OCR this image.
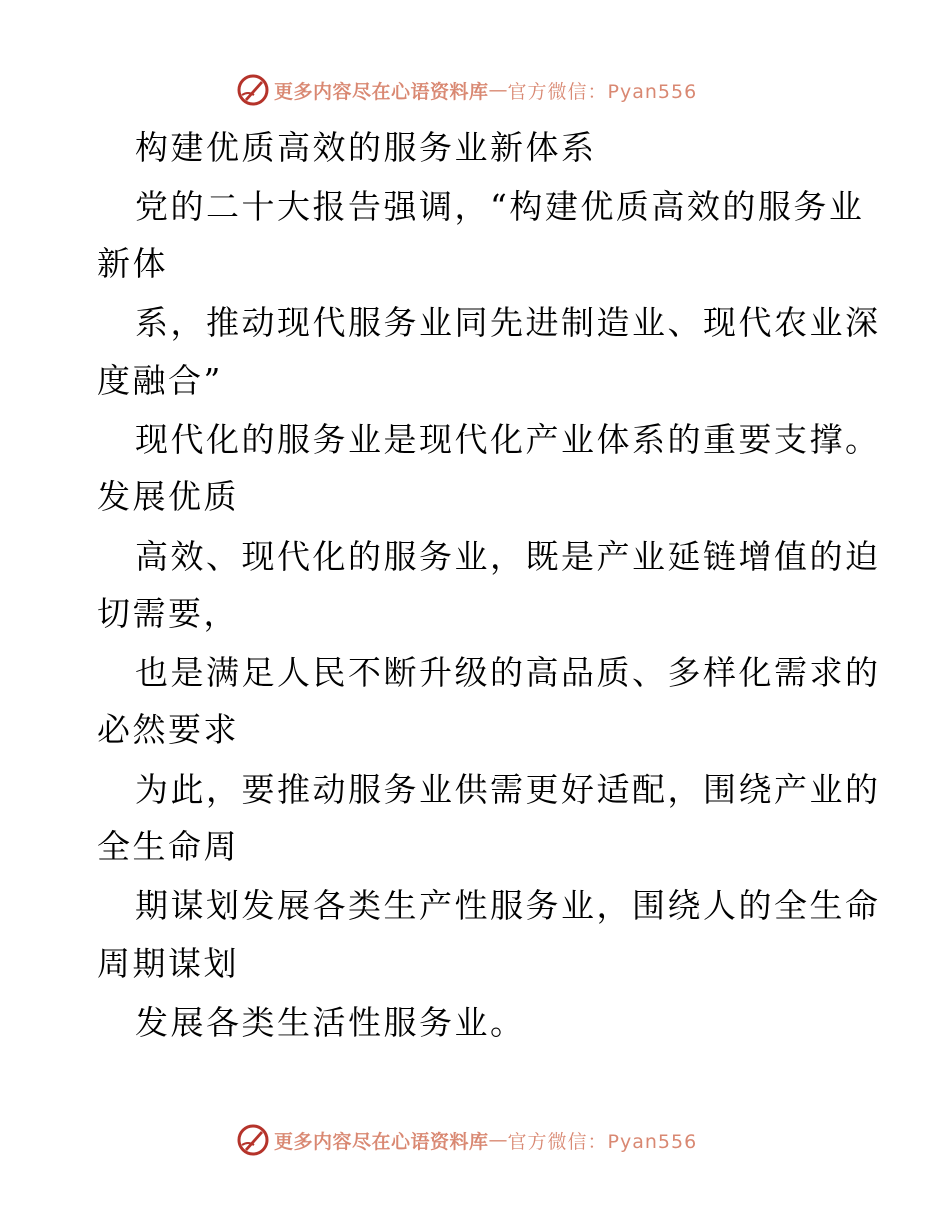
更多内容尽在心语资料库 — 官方微信：Pyan556
构建优质高效的服务业新体系
党的二十大报告强调，“构建优质高效的服务业
新体
系，推动现代服务业同先进制造业、现代农业深
度融合”
现代化的服务业是现代化产业体系的重要支撑。
发展优质
高效、现代化的服务业，既是产业延链增值的迫
切需要，
也是满足人民不断升级的高品质、多样化需求的
必然要求
为此，要推动服务业供需更好适配，围绕产业的
全生命周
期谋划发展各类生产性服务业，围绕人的全生命
周期谋划
发展各类生活性服务业。
更多内容尽在心语资料库 — 官方微信：Pyan556
